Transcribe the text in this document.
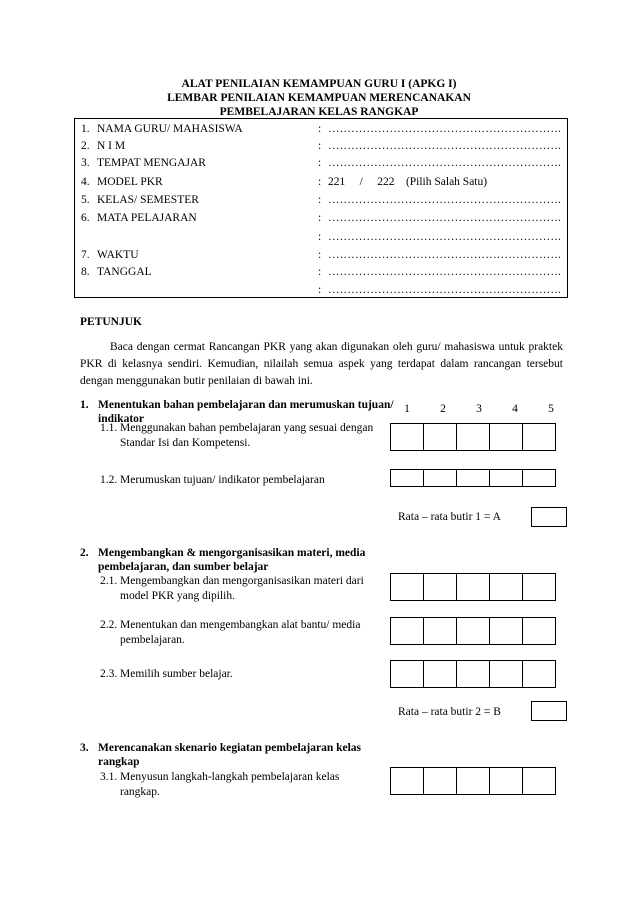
ALAT PENILAIAN KEMAMPUAN GURU I (APKG I)
LEMBAR PENILAIAN KEMAMPUAN MERENCANAKAN
PEMBELAJARAN KELAS RANGKAP
1. NAMA GURU/ MAHASISWA	: …………………………………………………….
2. N I M	: …………………………………………………….
3. TEMPAT MENGAJAR	: …………………………………………………….
4. MODEL PKR	: 221     /     222    (Pilih Salah Satu)
5. KELAS/ SEMESTER	: …………………………………………………….
6. MATA PELAJARAN	: …………………………………………………….
: …………………………………………………….
7. WAKTU	: …………………………………………………….
8. TANGGAL	: …………………………………………………….
: …………………………………………………….
PETUNJUK
Baca dengan cermat Rancangan PKR yang akan digunakan oleh guru/ mahasiswa untuk praktek PKR di kelasnya sendiri. Kemudian, nilailah semua aspek yang terdapat dalam rancangan tersebut dengan menggunakan butir penilaian di bawah ini.
1	2	3	4	5
1. Menentukan bahan pembelajaran dan merumuskan tujuan/ indikator
1.1. Menggunakan bahan pembelajaran yang sesuai dengan Standar Isi dan Kompetensi.
1.2. Merumuskan tujuan/ indikator pembelajaran
Rata – rata butir 1 = A
2. Mengembangkan & mengorganisasikan materi, media pembelajaran, dan sumber belajar
2.1. Mengembangkan dan mengorganisasikan materi dari model PKR yang dipilih.
2.2. Menentukan dan mengembangkan alat bantu/ media pembelajaran.
2.3. Memilih sumber belajar.
Rata – rata butir 2 = B
3. Merencanakan skenario kegiatan pembelajaran kelas rangkap
3.1. Menyusun langkah-langkah pembelajaran kelas rangkap.
